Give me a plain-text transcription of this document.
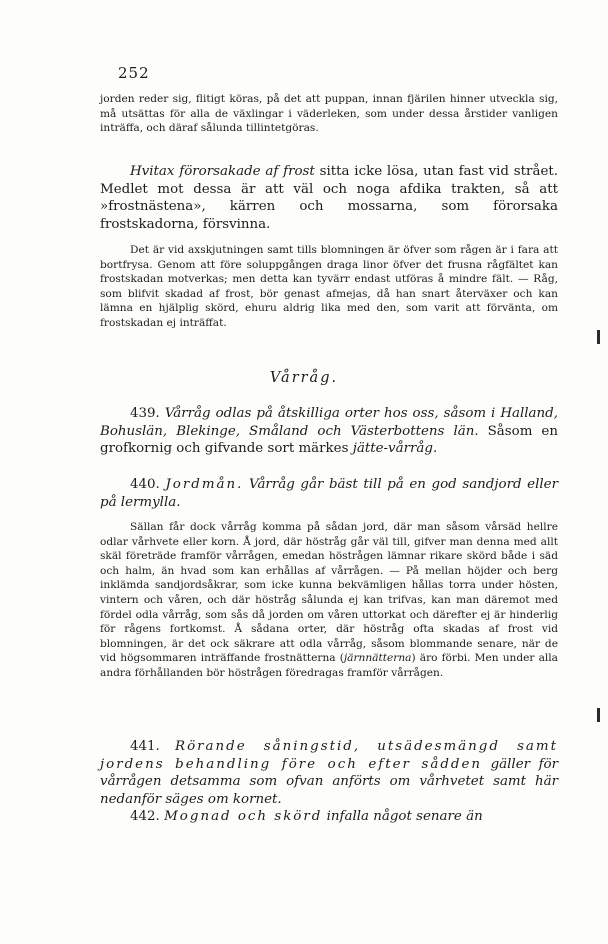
252
jorden reder sig, flitigt köras, på det att puppan, innan fjärilen hinner utveckla sig, må utsättas för alla de växlingar i väderleken, som under dessa årstider vanligen inträffa, och däraf sålunda tillintetgöras.
Hvitax förorsakade af frost sitta icke lösa, utan fast vid strået. Medlet mot dessa är att väl och noga afdika trakten, så att »frostnästena», kärren och mossarna, som förorsaka frostskadorna, försvinna.
Det är vid axskjutningen samt tills blomningen är öfver som rågen är i fara att bortfrysa. Genom att före soluppgången draga linor öfver det frusna rågfältet kan frostskadan motverkas; men detta kan tyvärr endast utföras å mindre fält. — Råg, som blifvit skadad af frost, bör genast afmejas, då han snart återväxer och kan lämna en hjälplig skörd, ehuru aldrig lika med den, som varit att förvänta, om frostskadan ej inträffat.
Vårråg.
439. Vårråg odlas på åtskilliga orter hos oss, såsom i Halland, Bohuslän, Blekinge, Småland och Västerbottens län. Såsom en grofkornig och gifvande sort märkes jätte-vårråg.
440. Jordmån. Vårråg går bäst till på en god sandjord eller på lermylla.
Sällan får dock vårråg komma på sådan jord, där man såsom vårsäd hellre odlar vårhvete eller korn. Å jord, där höstråg går väl till, gifver man denna med allt skäl företräde framför vårrågen, emedan höstrågen lämnar rikare skörd både i säd och halm, än hvad som kan erhållas af vårrågen. — På mellan höjder och berg inklämda sandjordsåkrar, som icke kunna bekvämligen hållas torra under hösten, vintern och våren, och där höstråg sålunda ej kan trifvas, kan man däremot med fördel odla vårråg, som sås då jorden om våren uttorkat och därefter ej är hinderlig för rågens fortkomst. Å sådana orter, där höstråg ofta skadas af frost vid blomningen, är det ock säkrare att odla vårråg, såsom blommande senare, när de vid högsommaren inträffande frostnätterna (järnnätterna) äro förbi. Men under alla andra förhållanden bör höstrågen föredragas framför vårrågen.
441. Rörande såningstid, utsädesmängd samt jordens behandling före och efter sådden gäller för vårrågen detsamma som ofvan anförts om vårhvetet samt här nedanför säges om kornet.
442. Mognad och skörd infalla något senare än
